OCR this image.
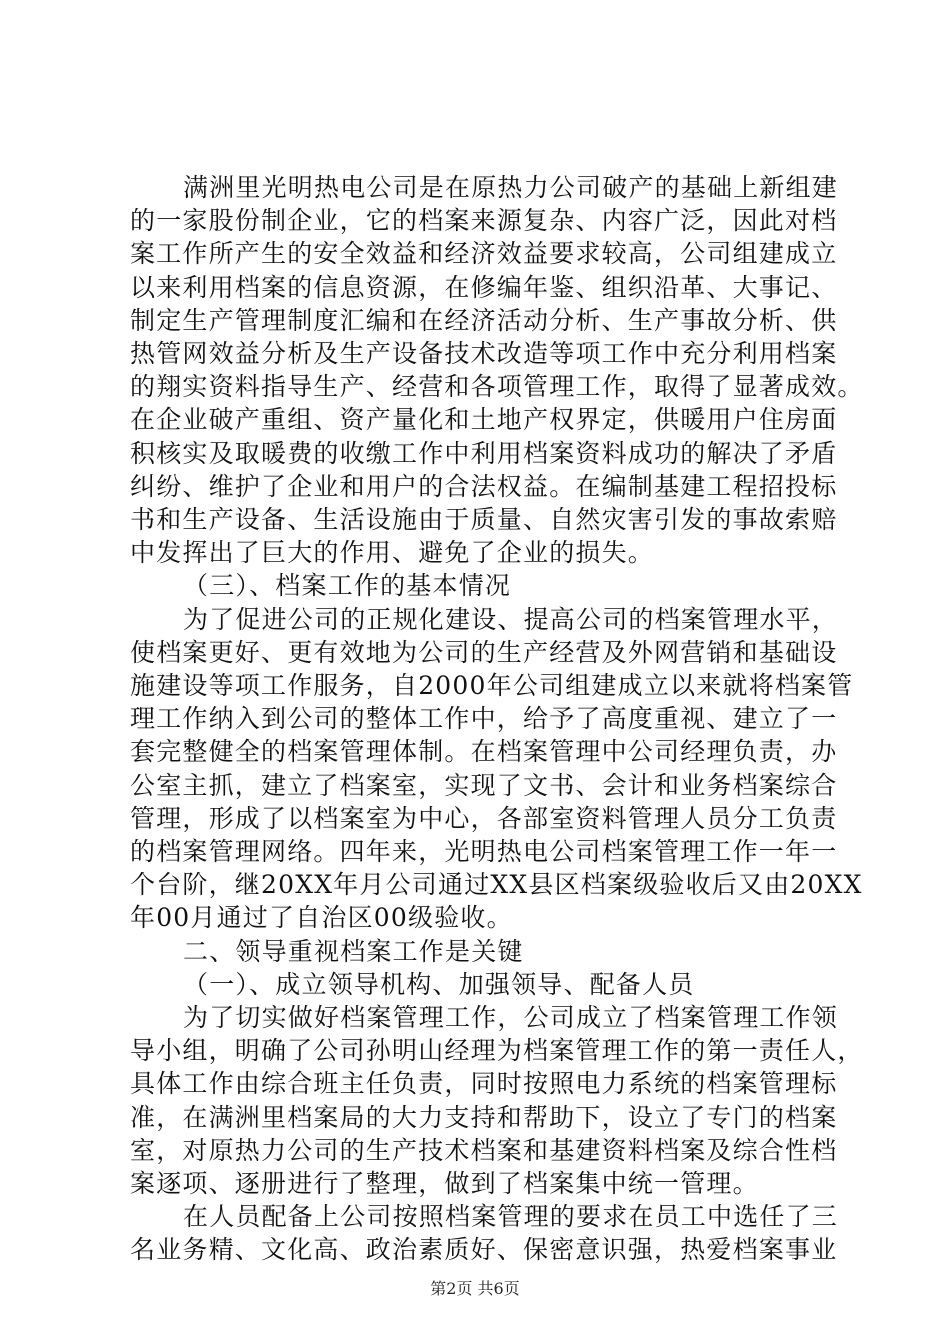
满洲里光明热电公司是在原热力公司破产的基础上新组建
的一家股份制企业，它的档案来源复杂、内容广泛，因此对档
案工作所产生的安全效益和经济效益要求较高，公司组建成立
以来利用档案的信息资源，在修编年鉴、组织沿革、大事记、
制定生产管理制度汇编和在经济活动分析、生产事故分析、供
热管网效益分析及生产设备技术改造等项工作中充分利用档案
的翔实资料指导生产、经营和各项管理工作，取得了显著成效。
在企业破产重组、资产量化和土地产权界定，供暖用户住房面
积核实及取暖费的收缴工作中利用档案资料成功的解决了矛盾
纠纷、维护了企业和用户的合法权益。在编制基建工程招投标
书和生产设备、生活设施由于质量、自然灾害引发的事故索赔
中发挥出了巨大的作用、避免了企业的损失。
（三）、档案工作的基本情况
为了促进公司的正规化建设、提高公司的档案管理水平，
使档案更好、更有效地为公司的生产经营及外网营销和基础设
施建设等项工作服务，自2000年公司组建成立以来就将档案管
理工作纳入到公司的整体工作中，给予了高度重视、建立了一
套完整健全的档案管理体制。在档案管理中公司经理负责，办
公室主抓，建立了档案室，实现了文书、会计和业务档案综合
管理，形成了以档案室为中心，各部室资料管理人员分工负责
的档案管理网络。四年来，光明热电公司档案管理工作一年一
个台阶，继20XX年月公司通过XX县区档案级验收后又由20XX
年00月通过了自治区00级验收。
二、领导重视档案工作是关键
（一）、成立领导机构、加强领导、配备人员
为了切实做好档案管理工作，公司成立了档案管理工作领
导小组，明确了公司孙明山经理为档案管理工作的第一责任人，
具体工作由综合班主任负责，同时按照电力系统的档案管理标
准，在满洲里档案局的大力支持和帮助下，设立了专门的档案
室，对原热力公司的生产技术档案和基建资料档案及综合性档
案逐项、逐册进行了整理，做到了档案集中统一管理。
在人员配备上公司按照档案管理的要求在员工中选任了三
名业务精、文化高、政治素质好、保密意识强，热爱档案事业
第2页 共6页
